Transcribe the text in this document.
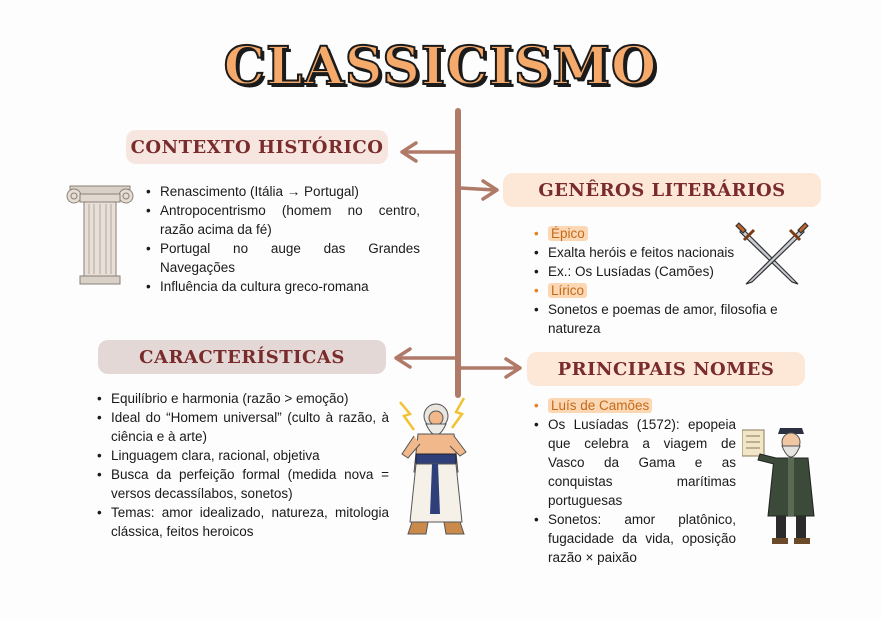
CLASSICISMO
CONTEXTO HISTÓRICO
• Renascimento (Itália → Portugal)
• Antropocentrismo (homem no centro, razão acima da fé)
• Portugal no auge das Grandes Navegações
• Influência da cultura greco-romana
GENÊROS LITERÁRIOS
• Épico
• Exalta heróis e feitos nacionais
• Ex.: Os Lusíadas (Camões)
• Lírico
• Sonetos e poemas de amor, filosofia e natureza
CARACTERÍSTICAS
• Equilíbrio e harmonia (razão > emoção)
• Ideal do “Homem universal” (culto à razão, à ciência e à arte)
• Linguagem clara, racional, objetiva
• Busca da perfeição formal (medida nova = versos decassílabos, sonetos)
• Temas: amor idealizado, natureza, mitologia clássica, feitos heroicos
PRINCIPAIS NOMES
• Luís de Camões
• Os Lusíadas (1572): epopeia que celebra a viagem de Vasco da Gama e as conquistas marítimas portuguesas
• Sonetos: amor platônico, fugacidade da vida, oposição razão × paixão
